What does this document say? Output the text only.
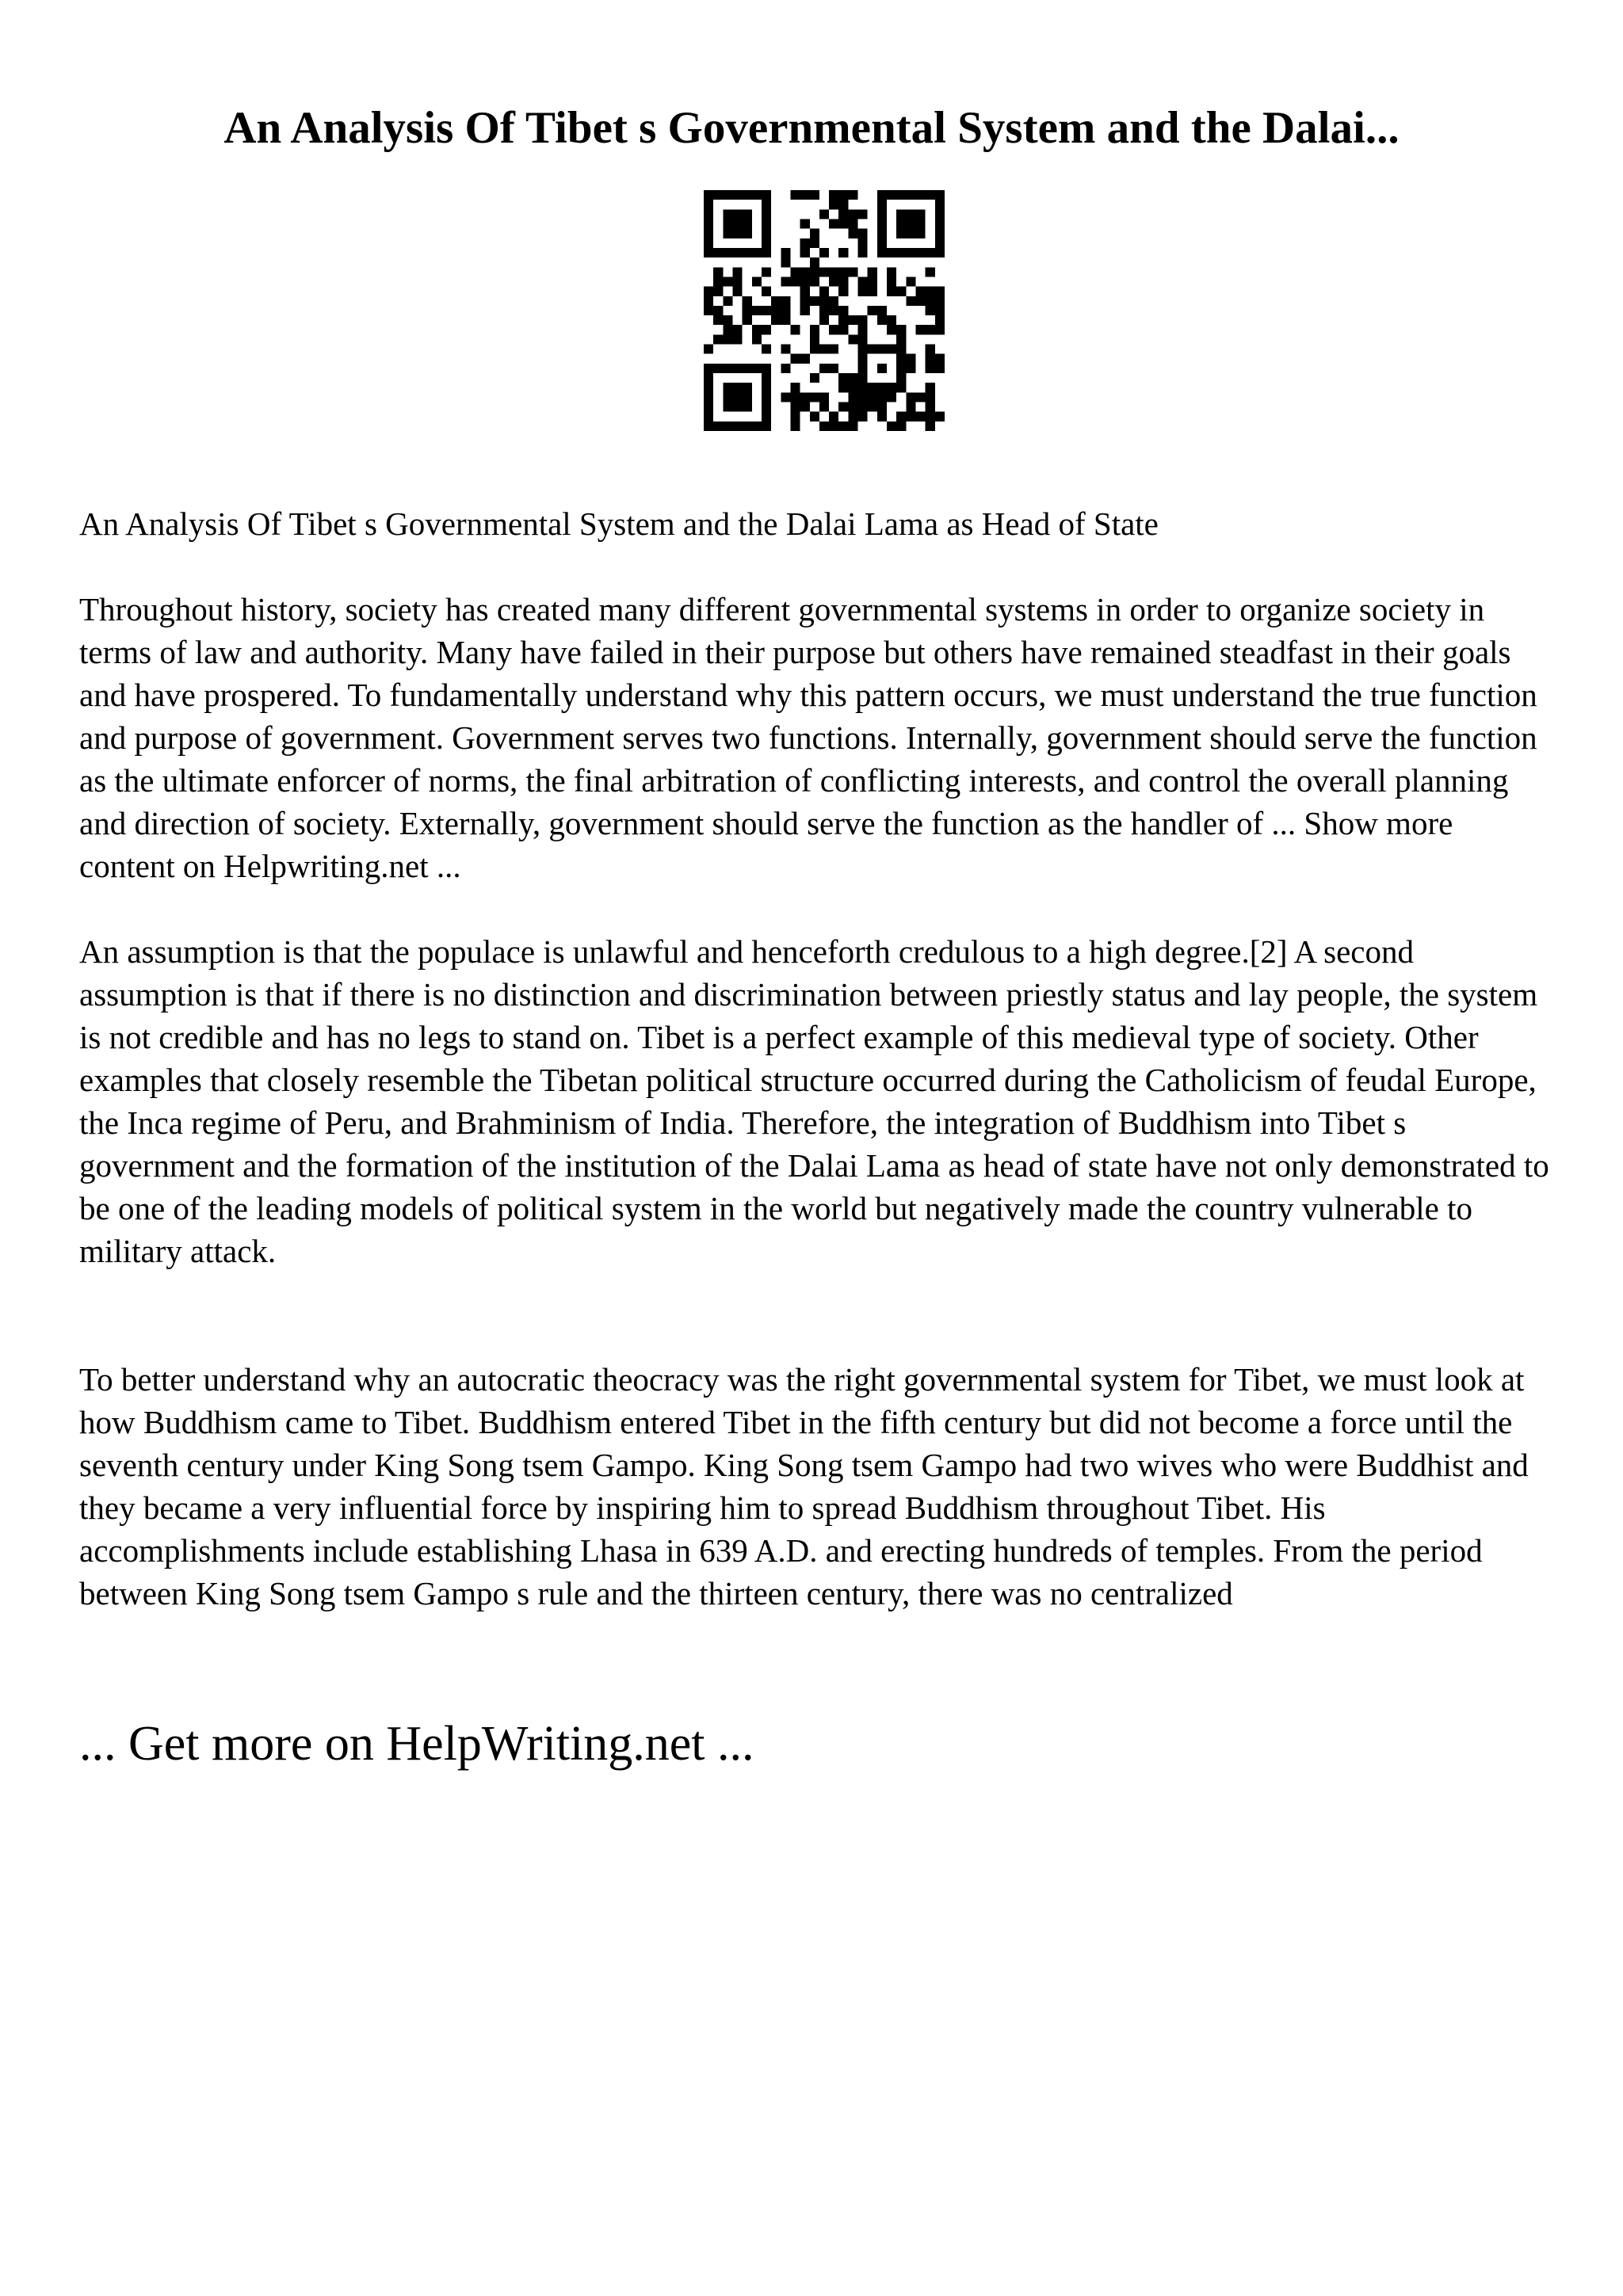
An Analysis Of Tibet s Governmental System and the Dalai...

An Analysis Of Tibet s Governmental System and the Dalai Lama as Head of State

Throughout history, society has created many different governmental systems in order to organize society in terms of law and authority. Many have failed in their purpose but others have remained steadfast in their goals and have prospered. To fundamentally understand why this pattern occurs, we must understand the true function and purpose of government. Government serves two functions. Internally, government should serve the function as the ultimate enforcer of norms, the final arbitration of conflicting interests, and control the overall planning and direction of society. Externally, government should serve the function as the handler of ... Show more content on Helpwriting.net ...

An assumption is that the populace is unlawful and henceforth credulous to a high degree.[2] A second assumption is that if there is no distinction and discrimination between priestly status and lay people, the system is not credible and has no legs to stand on. Tibet is a perfect example of this medieval type of society. Other examples that closely resemble the Tibetan political structure occurred during the Catholicism of feudal Europe, the Inca regime of Peru, and Brahminism of India. Therefore, the integration of Buddhism into Tibet s government and the formation of the institution of the Dalai Lama as head of state have not only demonstrated to be one of the leading models of political system in the world but negatively made the country vulnerable to military attack.

To better understand why an autocratic theocracy was the right governmental system for Tibet, we must look at how Buddhism came to Tibet. Buddhism entered Tibet in the fifth century but did not become a force until the seventh century under King Song tsem Gampo. King Song tsem Gampo had two wives who were Buddhist and they became a very influential force by inspiring him to spread Buddhism throughout Tibet. His accomplishments include establishing Lhasa in 639 A.D. and erecting hundreds of temples. From the period between King Song tsem Gampo s rule and the thirteen century, there was no centralized

... Get more on HelpWriting.net ...
